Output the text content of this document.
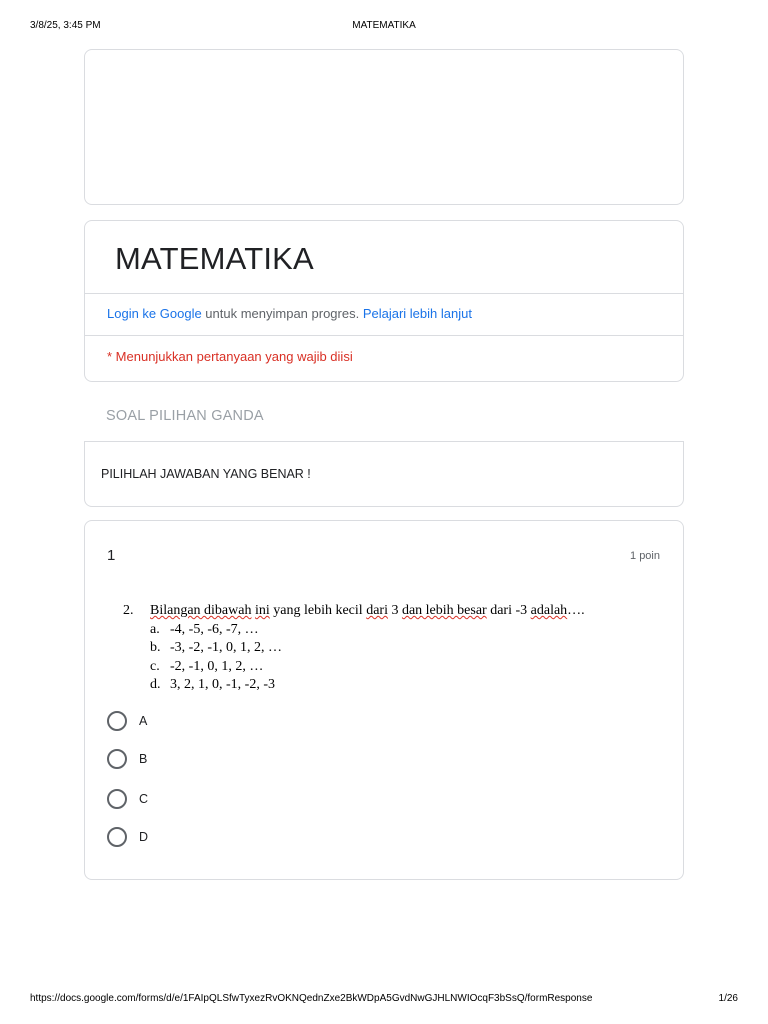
3/8/25, 3:45 PM	MATEMATIKA
MATEMATIKA
Login ke Google untuk menyimpan progres. Pelajari lebih lanjut
* Menunjukkan pertanyaan yang wajib diisi
SOAL PILIHAN GANDA
PILIHLAH JAWABAN YANG BENAR !
1	1 poin
2. Bilangan dibawah ini yang lebih kecil dari 3 dan lebih besar dari -3 adalah….
a. -4, -5, -6, -7, …
b. -3, -2, -1, 0, 1, 2, …
c. -2, -1, 0, 1, 2, …
d. 3, 2, 1, 0, -1, -2, -3
A
B
C
D
https://docs.google.com/forms/d/e/1FAIpQLSfwTyxezRvOKNQednZxe2BkWDpA5GvdNwGJHLNWIOcqF3bSsQ/formResponse	1/26
